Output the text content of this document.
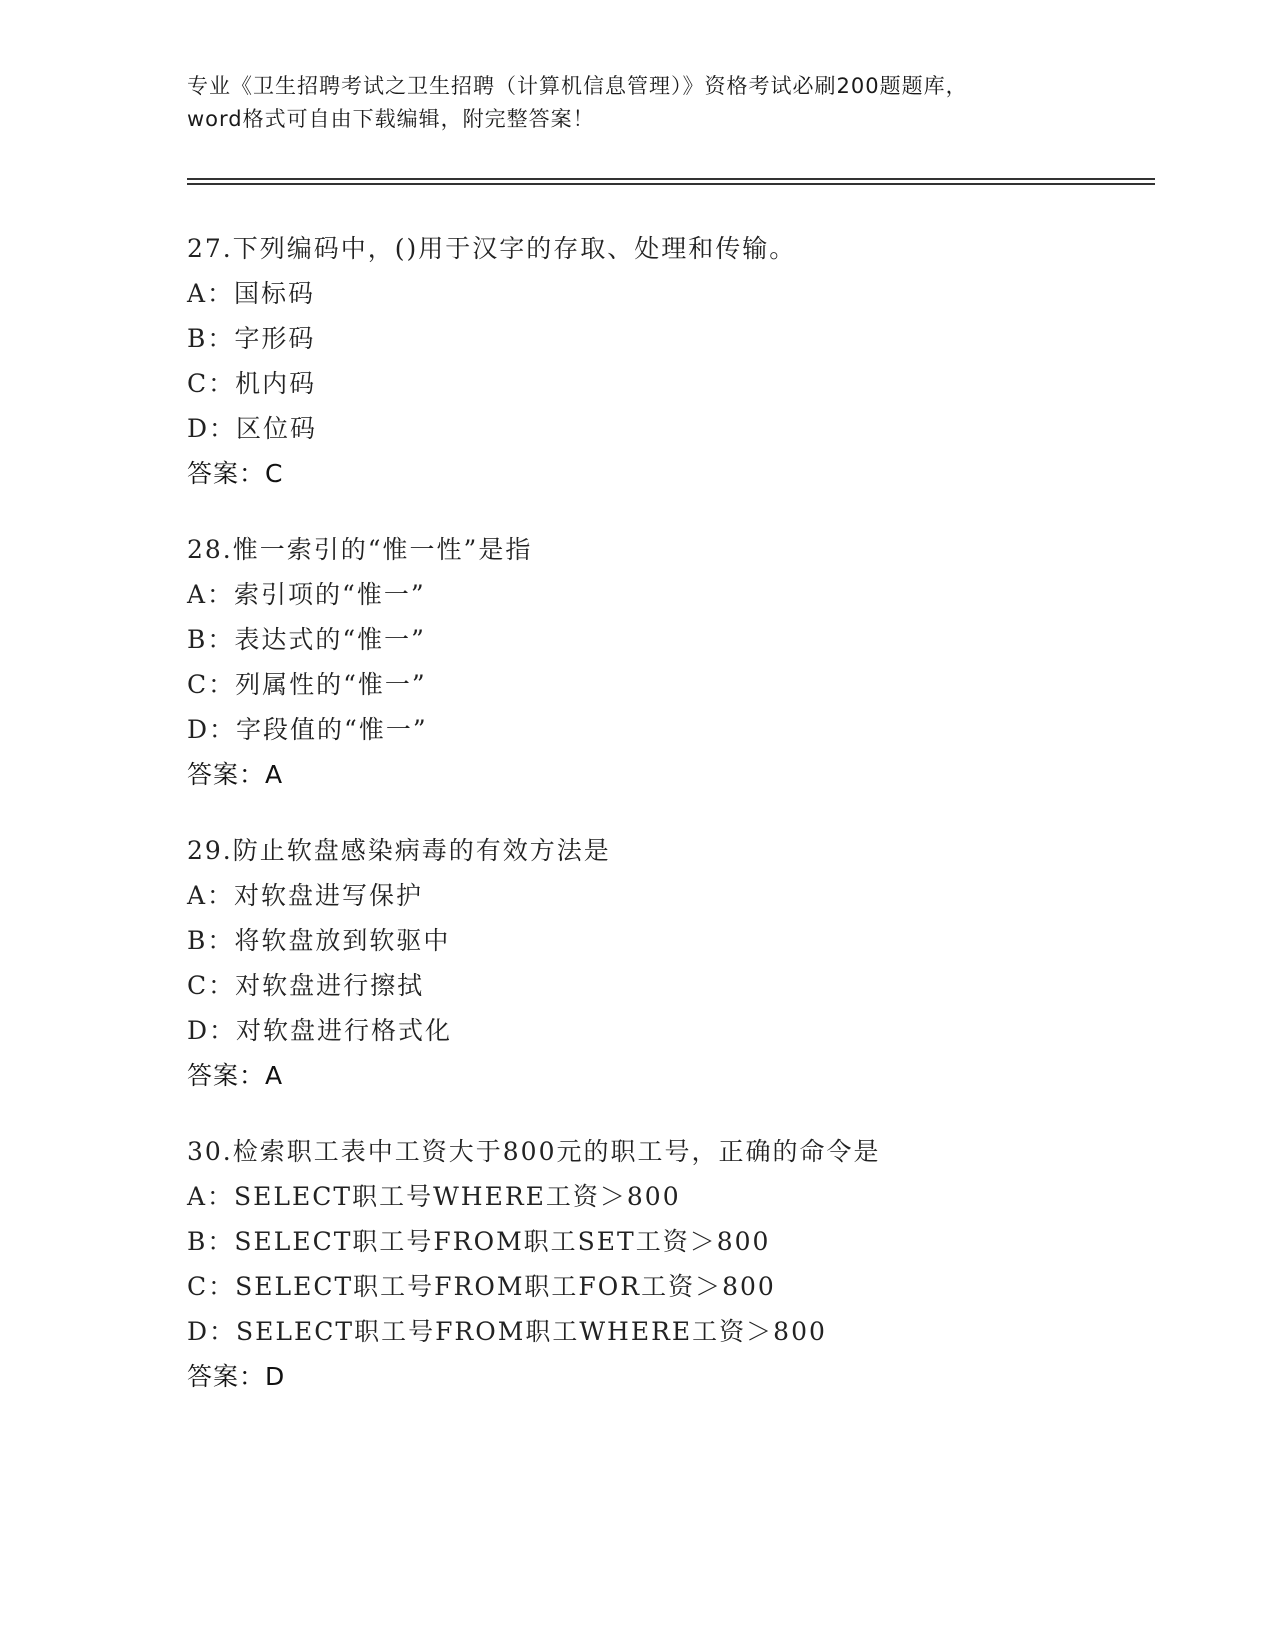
专业《卫生招聘考试之卫生招聘（计算机信息管理）》资格考试必刷200题题库，
word格式可自由下载编辑，附完整答案！
27.下列编码中，()用于汉字的存取、处理和传输。
A：国标码
B：字形码
C：机内码
D：区位码
答案：C
28.惟一索引的“惟一性”是指
A：索引项的“惟一”
B：表达式的“惟一”
C：列属性的“惟一”
D：字段值的“惟一”
答案：A
29.防止软盘感染病毒的有效方法是
A：对软盘进写保护
B：将软盘放到软驱中
C：对软盘进行擦拭
D：对软盘进行格式化
答案：A
30.检索职工表中工资大于800元的职工号，正确的命令是
A：SELECT职工号WHERE工资＞800
B：SELECT职工号FROM职工SET工资＞800
C：SELECT职工号FROM职工FOR工资＞800
D：SELECT职工号FROM职工WHERE工资＞800
答案：D
